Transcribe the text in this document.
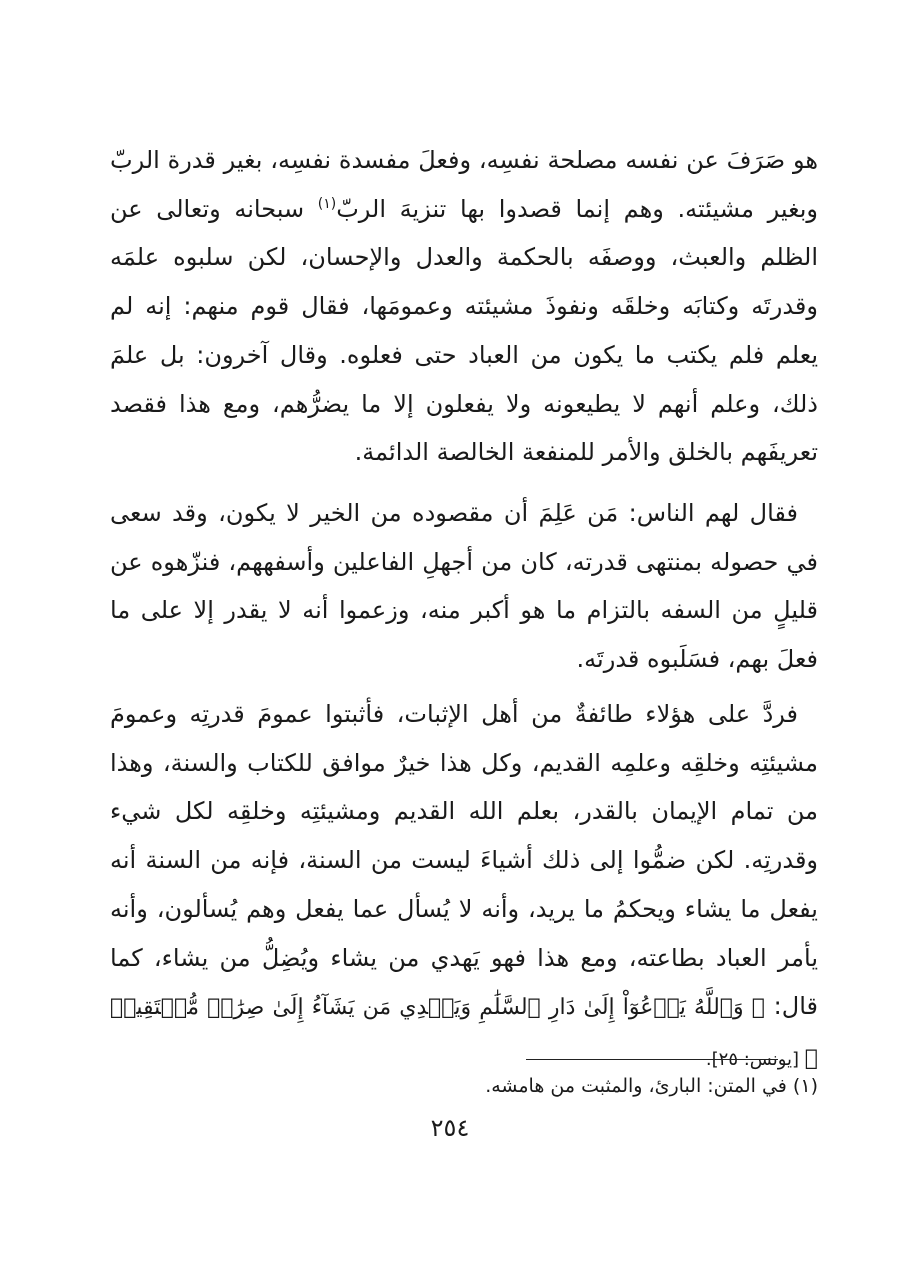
هو صَرَفَ عن نفسه مصلحة نفسِه، وفعلَ مفسدة نفسِه، بغير قدرة الربّ وبغير مشيئته. وهم إنما قصدوا بها تنزيهَ الربّ$^{(١)}$ سبحانه وتعالى عن الظلم والعبث، ووصفَه بالحكمة والعدل والإحسان، لكن سلبوه علمَه وقدرتَه وكتابَه وخلقَه ونفوذَ مشيئته وعمومَها، فقال قوم منهم: إنه لم يعلم فلم يكتب ما يكون من العباد حتى فعلوه. وقال آخرون: بل علمَ ذلك، وعلم أنهم لا يطيعونه ولا يفعلون إلا ما يضرُّهم، ومع هذا فقصد تعريفَهم بالخلق والأمر للمنفعة الخالصة الدائمة.

فقال لهم الناس: مَن عَلِمَ أن مقصوده من الخير لا يكون، وقد سعى في حصوله بمنتهى قدرته، كان من أجهلِ الفاعلين وأسفههم، فنزّهوه عن قليلٍ من السفه بالتزام ما هو أكبر منه، وزعموا أنه لا يقدر إلا على ما فعلَ بهم، فسَلَبوه قدرتَه.

فردَّ على هؤلاء طائفةٌ من أهل الإثبات، فأثبتوا عمومَ قدرتِه وعمومَ مشيئتِه وخلقِه وعلمِه القديم، وكل هذا خيرٌ موافق للكتاب والسنة، وهذا من تمام الإيمان بالقدر، بعلم الله القديم ومشيئتِه وخلقِه لكل شيء وقدرتِه. لكن ضمُّوا إلى ذلك أشياءَ ليست من السنة، فإنه من السنة أنه يفعل ما يشاء ويحكمُ ما يريد، وأنه لا يُسأل عما يفعل وهم يُسألون، وأنه يأمر العباد بطاعته، ومع هذا فهو يَهدي من يشاء ويُضِلُّ من يشاء، كما قال: ﴿ وَٱللَّهُ يَدۡعُوٓاْ إِلَىٰ دَارِ ٱلسَّلَٰمِ وَيَهۡدِي مَن يَشَآءُ إِلَىٰ صِرَٰطٖ مُّسۡتَقِيمٖ ﴾ [يونس: ٢٥].

(١) في المتن: البارئ، والمثبت من هامشه.
٢٥٤
